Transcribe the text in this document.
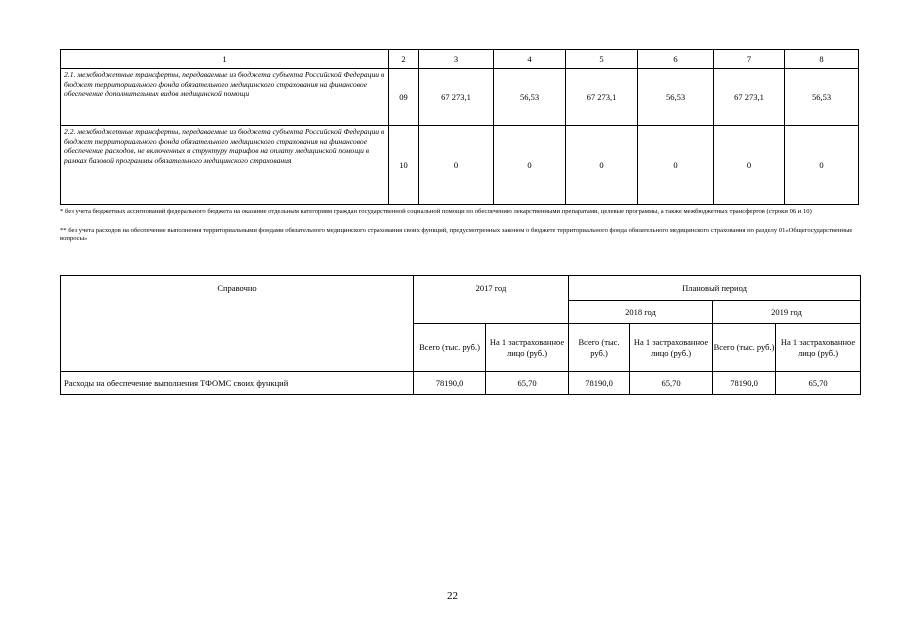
1	2	3	4	5	6	7	8
2.1. межбюджетные трансферты, передаваемые из бюджета субъекта Российской Федерации в бюджет территориального фонда обязательного медицинского страхования на финансовое обеспечение дополнительных видов медицинской помощи	09	67 273,1	56,53	67 273,1	56,53	67 273,1	56,53
2.2. межбюджетные трансферты, передаваемые из бюджета субъекта Российской Федерации в бюджет территориального фонда обязательного медицинского страхования на финансовое обеспечение расходов, не включенных в структуру тарифов на оплату медицинской помощи в рамках базовой программы обязательного медицинского страхования	10	0	0	0	0	0	0
* без учета бюджетных ассигнований федерального бюджета на оказание отдельным категориям граждан государственной социальной помощи по обеспечению лекарственными препаратами, целевые программы, а также межбюджетных трансфертов (строки 06 и 10)
** без учета расходов на обеспечение выполнения территориальными фондами обязательного медицинского страхования своих функций, предусмотренных законом о бюджете территориального фонда обязательного медицинского страхования по разделу 01«Общегосударственные вопросы»
Справочно	2017 год		Плановый период			
			2018 год		2019 год	
	Всего (тыс. руб.)	На 1 застрахованное лицо (руб.)	Всего (тыс. руб.)	На 1 застрахованное лицо (руб.)	Всего (тыс. руб.)	На 1 застрахованное лицо (руб.)
Расходы на обеспечение выполнения ТФОМС своих функций	78190,0	65,70	78190,0	65,70	78190,0	65,70
22
